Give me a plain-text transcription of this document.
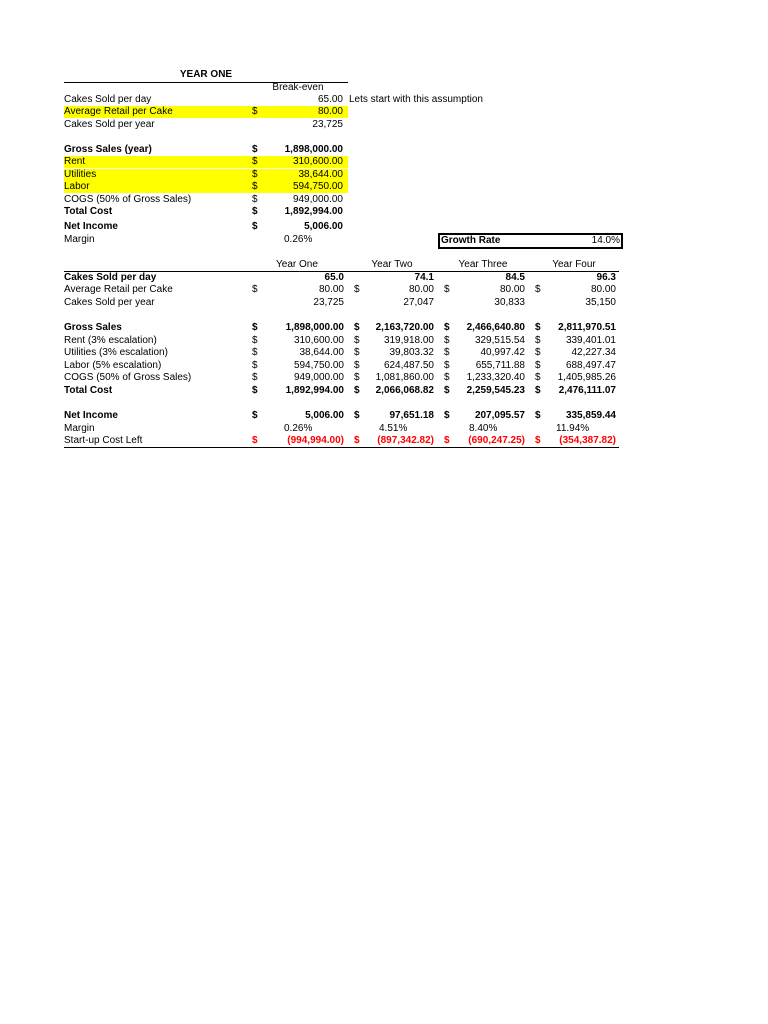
YEAR ONE
Break-even
Lets start with this assumption
Cakes Sold per day	65.00
Average Retail per Cake	$	80.00
Cakes Sold per year	23,725
Gross Sales (year)	$	1,898,000.00
Rent	$	310,600.00
Utilities	$	38,644.00
Labor	$	594,750.00
COGS (50% of Gross Sales)	$	949,000.00
Total Cost	$	1,892,994.00
Net Income	$	5,006.00
Margin	0.26%	Growth Rate	14.0%
Year One	Year Two	Year Three	Year Four
Cakes Sold per day	65.0	74.1	84.5	96.3
Average Retail per Cake	$	80.00 $	80.00 $	80.00 $	80.00
Cakes Sold per year	23,725	27,047	30,833	35,150
Gross Sales	$	1,898,000.00 $	2,163,720.00 $	2,466,640.80 $	2,811,970.51
Rent (3% escalation)	$	310,600.00 $	319,918.00 $	329,515.54 $	339,401.01
Utilities (3% escalation)	$	38,644.00 $	39,803.32 $	40,997.42 $	42,227.34
Labor (5% escalation)	$	594,750.00 $	624,487.50 $	655,711.88 $	688,497.47
COGS (50% of Gross Sales)	$	949,000.00 $	1,081,860.00 $	1,233,320.40 $	1,405,985.26
Total Cost	$	1,892,994.00 $	2,066,068.82 $	2,259,545.23 $	2,476,111.07
Net Income	$	5,006.00 $	97,651.18 $	207,095.57 $	335,859.44
Margin	0.26%	4.51%	8.40%	11.94%
Start-up Cost Left	$	(994,994.00) $	(897,342.82) $	(690,247.25) $	(354,387.82)
